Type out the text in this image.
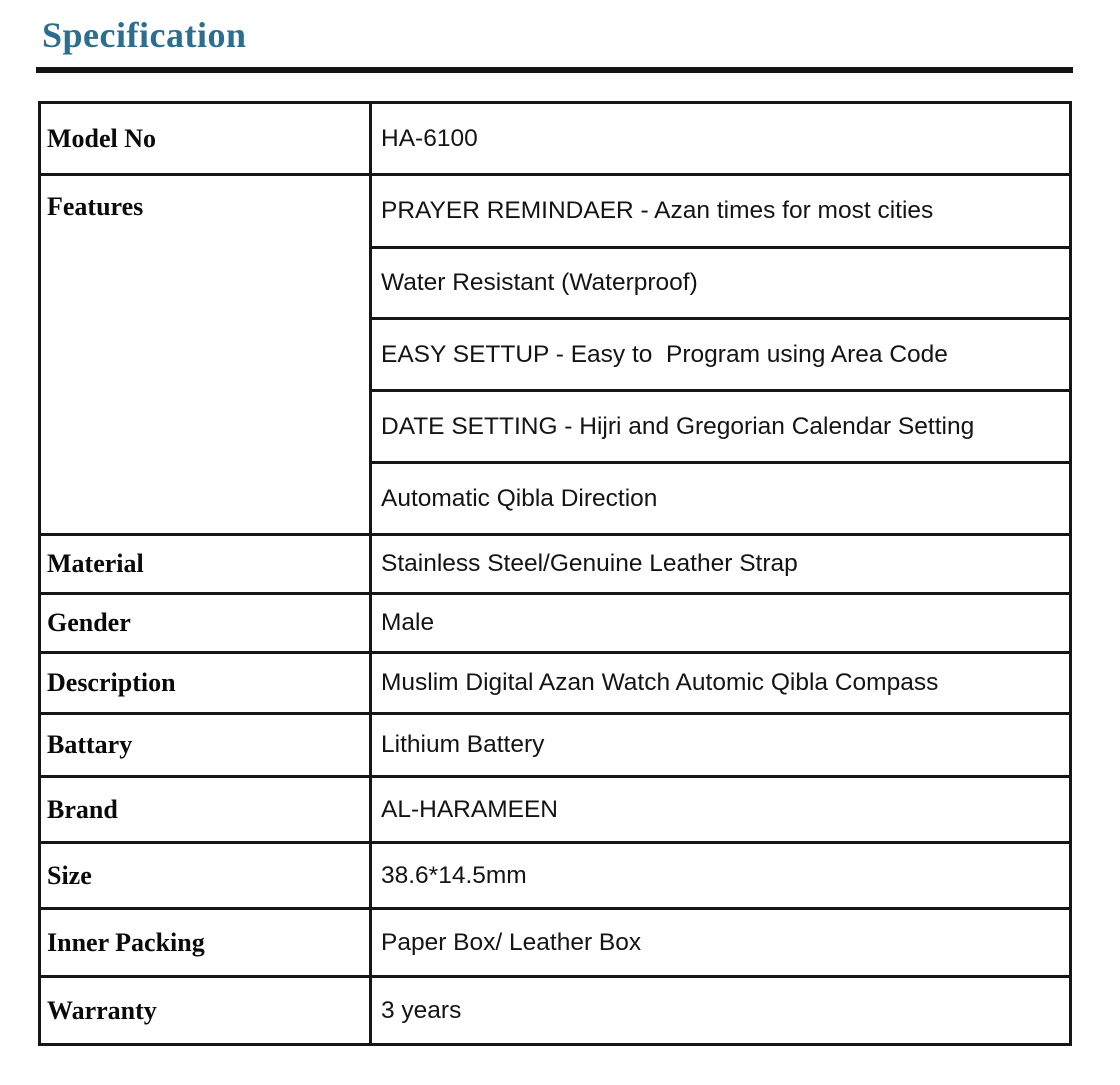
Specification
Model No	HA-6100
Features	PRAYER REMINDAER - Azan times for most cities
	Water Resistant (Waterproof)
	EASY SETTUP - Easy to  Program using Area Code
	DATE SETTING - Hijri and Gregorian Calendar Setting
	Automatic Qibla Direction
Material	Stainless Steel/Genuine Leather Strap
Gender	Male
Description	Muslim Digital Azan Watch Automic Qibla Compass
Battary	Lithium Battery
Brand	AL-HARAMEEN
Size	38.6*14.5mm
Inner Packing	Paper Box/ Leather Box
Warranty	3 years
